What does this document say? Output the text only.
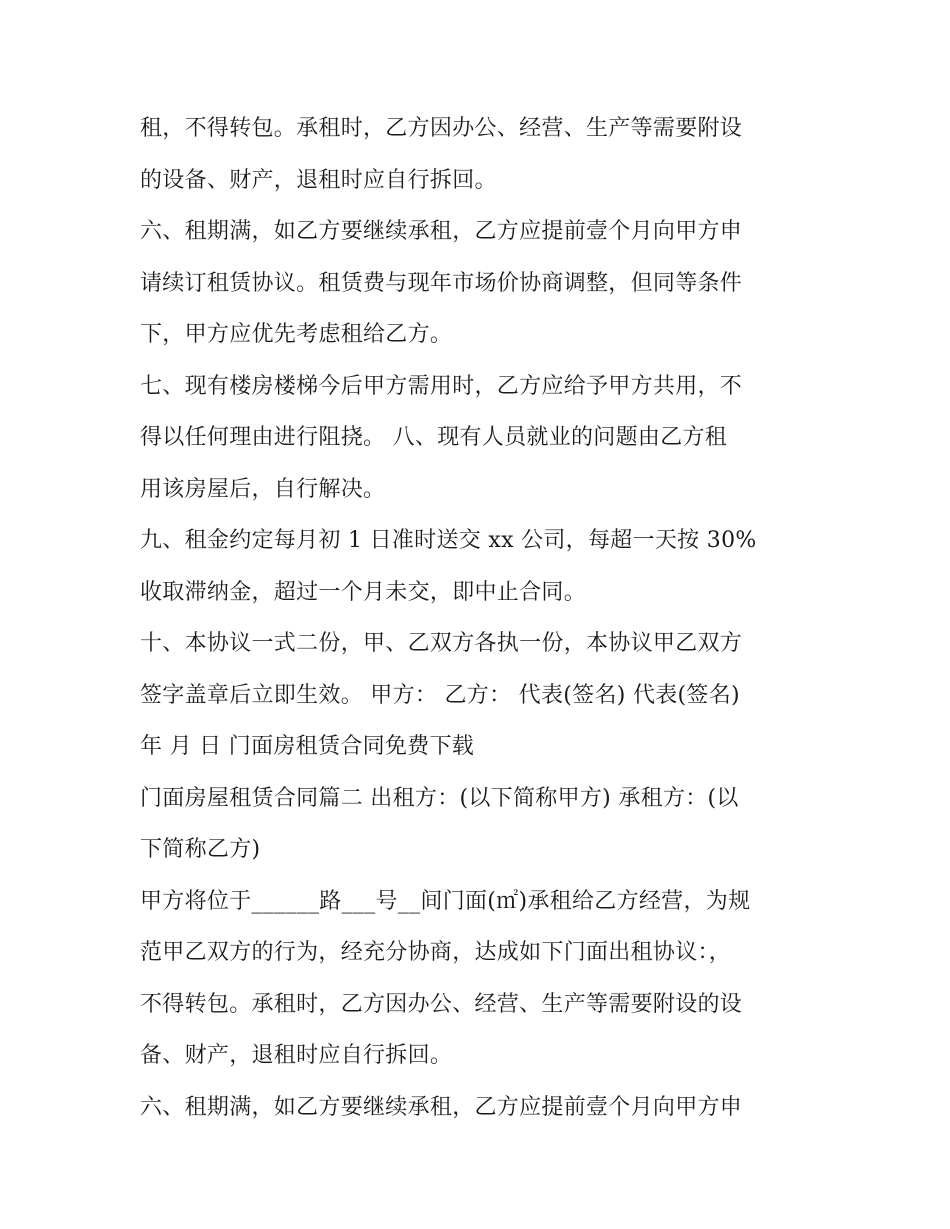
租，不得转包。承租时，乙方因办公、经营、生产等需要附设
的设备、财产，退租时应自行拆回。
六、租期满，如乙方要继续承租，乙方应提前壹个月向甲方申
请续订租赁协议。租赁费与现年市场价协商调整，但同等条件
下，甲方应优先考虑租给乙方。
七、现有楼房楼梯今后甲方需用时，乙方应给予甲方共用，不
得以任何理由进行阻挠。 八、现有人员就业的问题由乙方租
用该房屋后，自行解决。
九、租金约定每月初 1 日准时送交 xx 公司，每超一天按 30%
收取滞纳金，超过一个月未交，即中止合同。
十、本协议一式二份，甲、乙双方各执一份，本协议甲乙双方
签字盖章后立即生效。 甲方： 乙方： 代表(签名) 代表(签名)
年 月 日 门面房租赁合同免费下载
门面房屋租赁合同篇二 出租方：(以下简称甲方) 承租方：(以
下简称乙方)
甲方将位于______路___号__间门面(㎡)承租给乙方经营，为规
范甲乙双方的行为，经充分协商，达成如下门面出租协议：，
不得转包。承租时，乙方因办公、经营、生产等需要附设的设
备、财产，退租时应自行拆回。
六、租期满，如乙方要继续承租，乙方应提前壹个月向甲方申
